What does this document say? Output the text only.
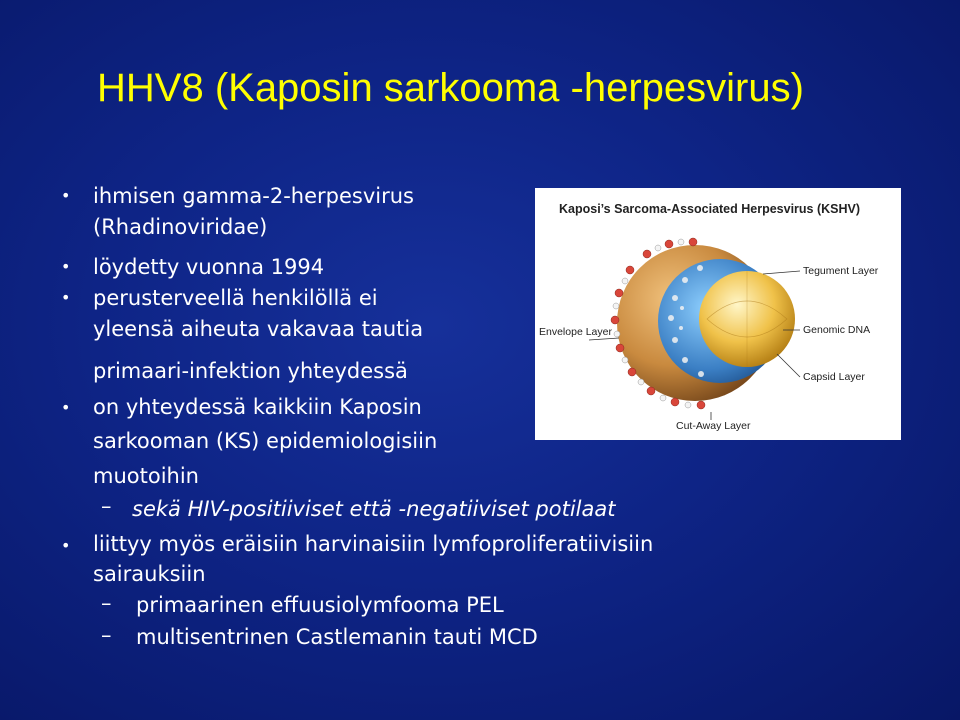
HHV8 (Kaposin sarkooma -herpesvirus)
• ihmisen gamma-2-herpesvirus
(Rhadinoviridae)
• löydetty vuonna 1994
• perusterveellä henkilöllä ei
yleensä aiheuta vakavaa tautia
primaari-infektion yhteydessä
• on yhteydessä kaikkiin Kaposin
sarkooman (KS) epidemiologisiin
muotoihin
– sekä HIV-positiiviset että -negatiiviset potilaat
• liittyy myös eräisiin harvinaisiin lymfoproliferatiivisiin
sairauksiin
– primaarinen effuusiolymfooma PEL
– multisentrinen Castlemanin tauti MCD
Kaposi’s Sarcoma-Associated Herpesvirus (KSHV)
Tegument Layer
Envelope Layer	Genomic DNA
Capsid Layer
Cut-Away Layer
